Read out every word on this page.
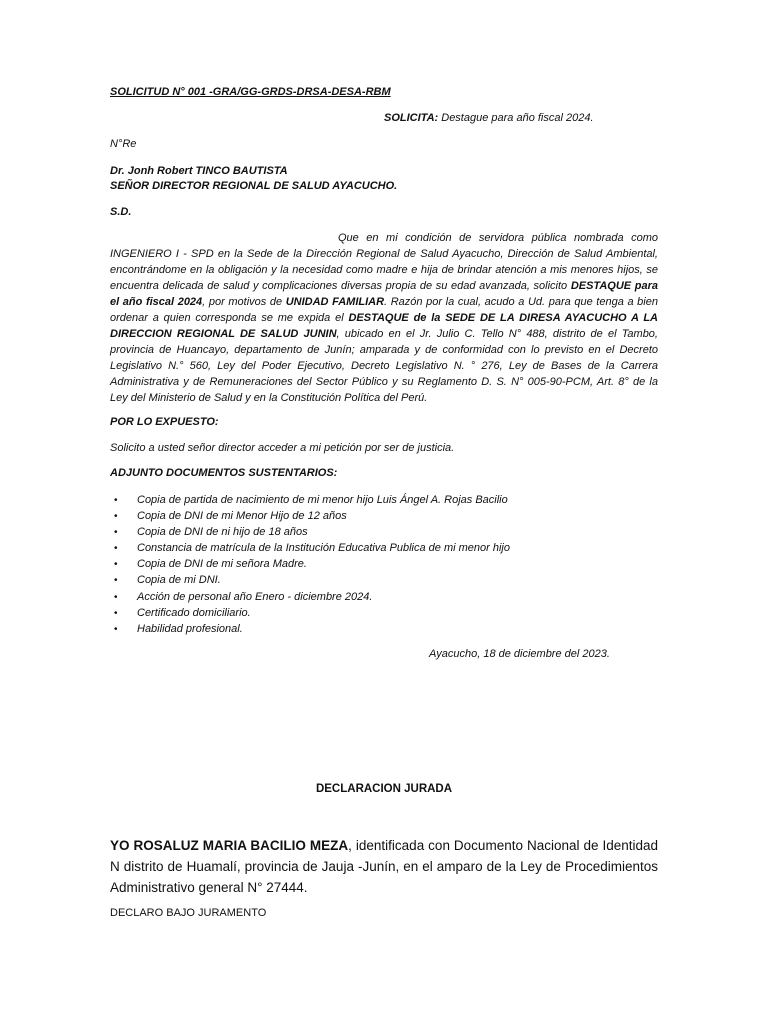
SOLICITUD N° 001 -GRA/GG-GRDS-DRSA-DESA-RBM
SOLICITA: Destague para año fiscal 2024.
N°Re
Dr. Jonh Robert TINCO BAUTISTA
SEÑOR DIRECTOR REGIONAL DE SALUD AYACUCHO.
S.D.
Que en mi condición de servidora pública nombrada como INGENIERO I - SPD en la Sede de la Dirección Regional de Salud Ayacucho, Dirección de Salud Ambiental, encontrándome en la obligación y la necesidad como madre e hija de brindar atención a mis menores hijos, se encuentra delicada de salud y complicaciones diversas propia de su edad avanzada, solicito DESTAQUE para el año fiscal 2024, por motivos de UNIDAD FAMILIAR. Razón por la cual, acudo a Ud. para que tenga a bien ordenar a quien corresponda se me expida el DESTAQUE de la SEDE DE LA DIRESA AYACUCHO A LA DIRECCION REGIONAL DE SALUD JUNIN, ubicado en el Jr. Julio C. Tello N° 488, distrito de el Tambo, provincia de Huancayo, departamento de Junín; amparada y de conformidad con lo previsto en el Decreto Legislativo N.° 560, Ley del Poder Ejecutivo, Decreto Legislativo N. ° 276, Ley de Bases de la Carrera Administrativa y de Remuneraciones del Sector Público y su Reglamento D. S. N° 005-90-PCM, Art. 8° de la Ley del Ministerio de Salud y en la Constitución Política del Perú.
POR LO EXPUESTO:
Solicito a usted señor director acceder a mi petición por ser de justicia.
ADJUNTO DOCUMENTOS SUSTENTARIOS:
• Copia de partida de nacimiento de mi menor hijo Luis Ángel A. Rojas Bacilio
• Copia de DNI de mi Menor Hijo de 12 años
• Copia de DNI de ni hijo de 18 años
• Constancia de matrícula de la Institución Educativa Publica de mi menor hijo
• Copia de DNI de mi señora Madre.
• Copia de mi DNI.
• Acción de personal año Enero - diciembre 2024.
• Certificado domiciliario.
• Habilidad profesional.
Ayacucho, 18 de diciembre del 2023.
DECLARACION JURADA
YO ROSALUZ MARIA BACILIO MEZA, identificada con Documento Nacional de Identidad N distrito de Huamalí, provincia de Jauja -Junín, en el amparo de la Ley de Procedimientos Administrativo general N° 27444.
DECLARO BAJO JURAMENTO
